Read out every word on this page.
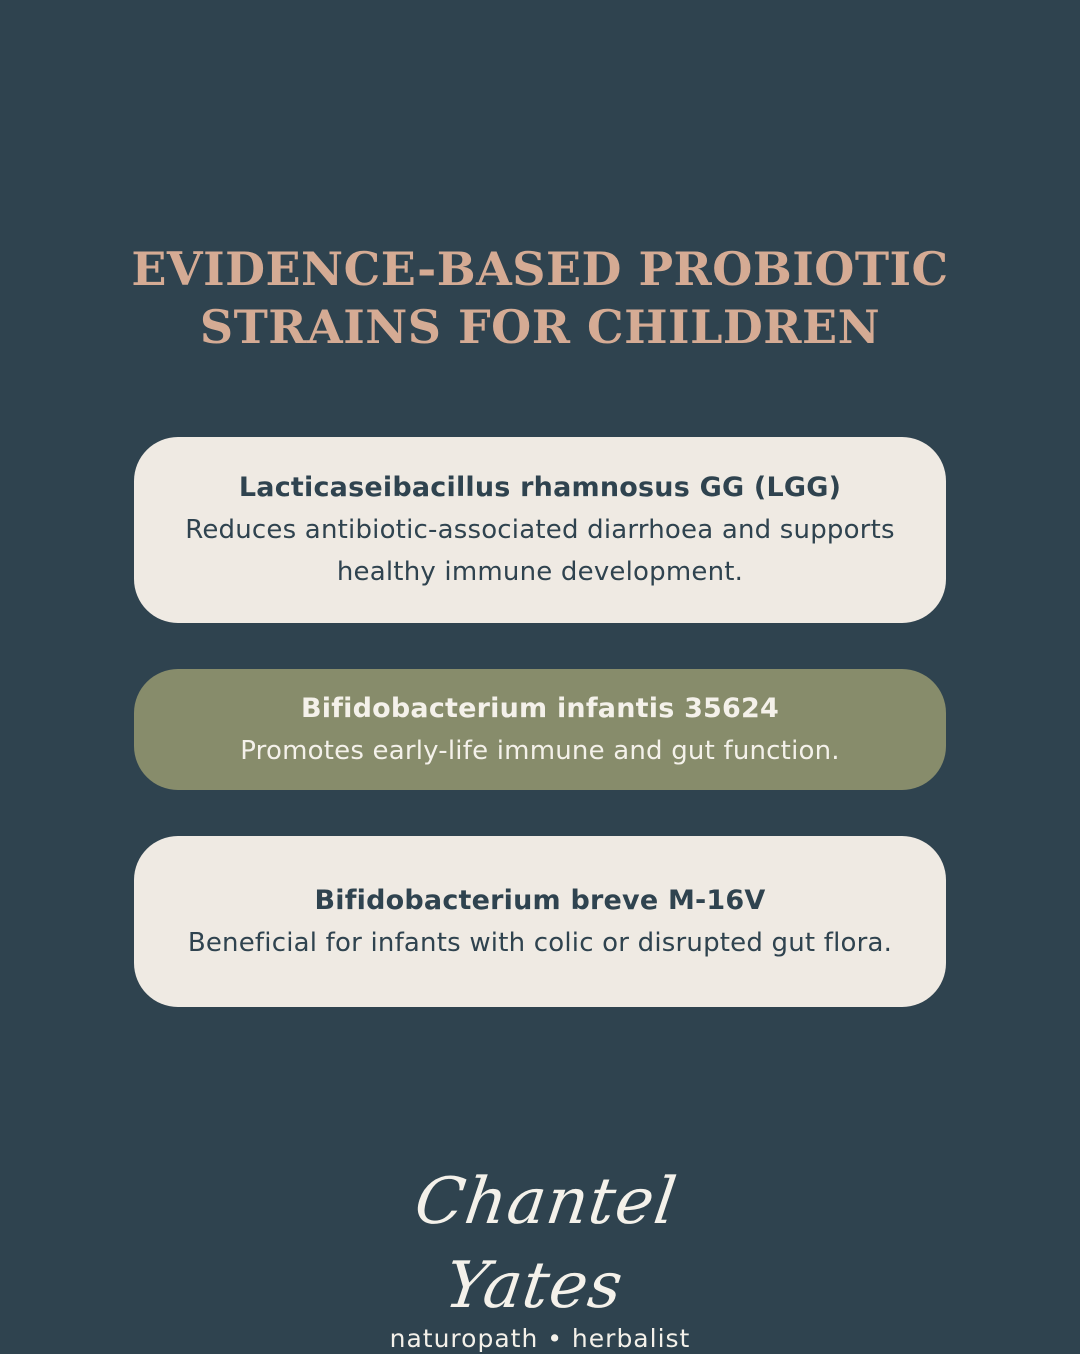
EVIDENCE-BASED PROBIOTIC
STRAINS FOR CHILDREN
Lacticaseibacillus rhamnosus GG (LGG)
Reduces antibiotic-associated diarrhoea and supports healthy immune development.
Bifidobacterium infantis 35624
Promotes early-life immune and gut function.
Bifidobacterium breve M-16V
Beneficial for infants with colic or disrupted gut flora.
Chantel Yates
naturopath • herbalist
